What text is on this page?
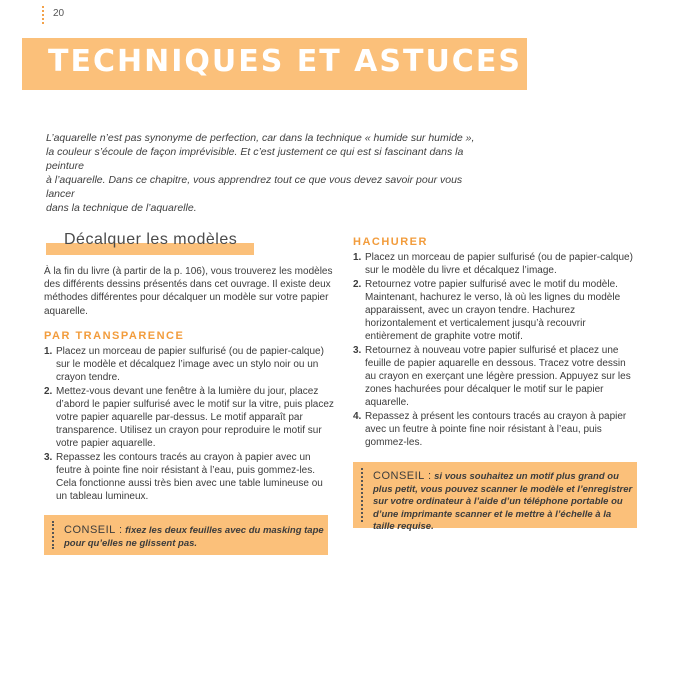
20
TECHNIQUES ET ASTUCES

L’aquarelle n’est pas synonyme de perfection, car dans la technique « humide sur humide »,

la couleur s’écoule de façon imprévisible. Et c’est justement ce qui est si fascinant dans la peinture

à l’aquarelle. Dans ce chapitre, vous apprendrez tout ce que vous devez savoir pour vous lancer

dans la technique de l’aquarelle.

Décalquer les modèles

À la fin du livre (à partir de la p. 106), vous trouverez les modèles des différents dessins présentés dans cet ouvrage. Il existe deux méthodes différentes pour décalquer un modèle sur votre papier aquarelle.

PAR TRANSPARENCE
1. Placez un morceau de papier sulfurisé (ou de papier-calque) sur le modèle et décalquez l’image avec un stylo noir ou un crayon tendre.
2. Mettez-vous devant une fenêtre à la lumière du jour, placez d’abord le papier sulfurisé avec le motif sur la vitre, puis placez votre papier aquarelle par-dessus. Le motif apparaît par transparence. Utilisez un crayon pour reproduire le motif sur votre papier aquarelle.
3. Repassez les contours tracés au crayon à papier avec un feutre à pointe fine noir résistant à l’eau, puis gommez-les. Cela fonctionne aussi très bien avec une table lumineuse ou un tableau lumineux.
CONSEIL : fixez les deux feuilles avec du masking tape pour qu’elles ne glissent pas.
HACHURER
1. Placez un morceau de papier sulfurisé (ou de papier-calque) sur le modèle du livre et décalquez l’image.
2. Retournez votre papier sulfurisé avec le motif du modèle. Maintenant, hachurez le verso, là où les lignes du modèle apparaissent, avec un crayon tendre. Hachurez horizontalement et verticalement jusqu’à recouvrir entièrement de graphite votre motif.
3. Retournez à nouveau votre papier sulfurisé et placez une feuille de papier aquarelle en dessous. Tracez votre dessin au crayon en exerçant une légère pression. Appuyez sur les zones hachurées pour décalquer le motif sur le papier aquarelle.
4. Repassez à présent les contours tracés au crayon à papier avec un feutre à pointe fine noir résistant à l’eau, puis gommez-les.
CONSEIL : si vous souhaitez un motif plus grand ou plus petit, vous pouvez scanner le modèle et l’enregistrer sur votre ordinateur à l’aide d’un téléphone portable ou d’une imprimante scanner et le mettre à l’échelle à la taille requise.
